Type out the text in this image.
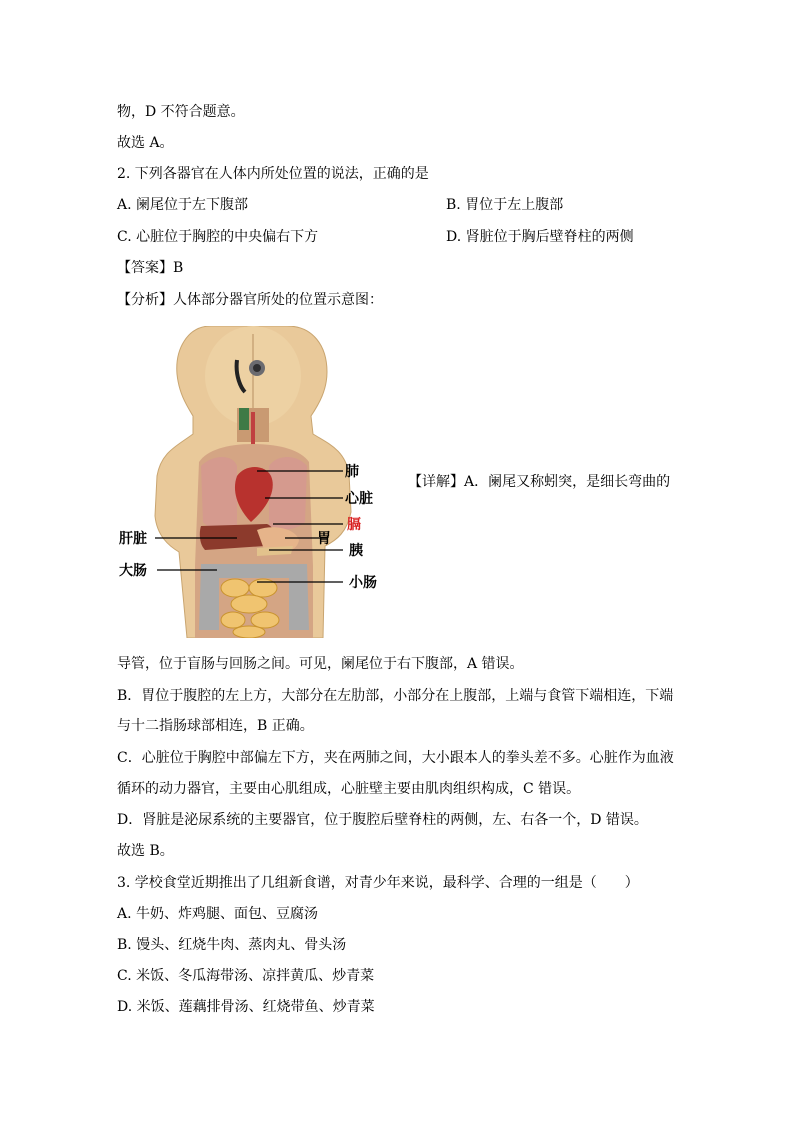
物，D 不符合题意。
故选 A。
2. 下列各器官在人体内所处位置的说法，正确的是
A. 阑尾位于左下腹部	B. 胃位于左上腹部
C. 心脏位于胸腔的中央偏右下方	D. 肾脏位于胸后壁脊柱的两侧
【答案】B
【分析】人体部分器官所处的位置示意图：
肺
心脏
膈
肝脏	胃
胰
大肠
小肠
【详解】A．阑尾又称蚓突，是细长弯曲的
导管，位于盲肠与回肠之间。可见，阑尾位于右下腹部，A 错误。
B．胃位于腹腔的左上方，大部分在左肋部，小部分在上腹部，上端与食管下端相连，下端
与十二指肠球部相连，B 正确。
C．心脏位于胸腔中部偏左下方，夹在两肺之间，大小跟本人的拳头差不多。心脏作为血液
循环的动力器官，主要由心肌组成，心脏壁主要由肌肉组织构成，C 错误。
D．肾脏是泌尿系统的主要器官，位于腹腔后壁脊柱的两侧，左、右各一个，D 错误。
故选 B。
3. 学校食堂近期推出了几组新食谱，对青少年来说，最科学、合理的一组是（　　）
A. 牛奶、炸鸡腿、面包、豆腐汤
B. 馒头、红烧牛肉、蒸肉丸、骨头汤
C. 米饭、冬瓜海带汤、凉拌黄瓜、炒青菜
D. 米饭、莲藕排骨汤、红烧带鱼、炒青菜
